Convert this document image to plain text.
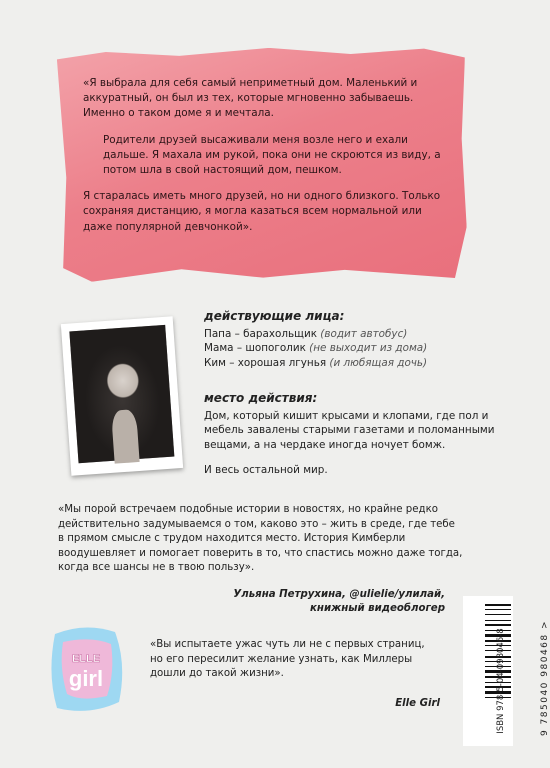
«Я выбрала для себя самый неприметный дом. Маленький и аккуратный, он был из тех, которые мгновенно забываешь. Именно о таком доме я и мечтала.

Родители друзей высаживали меня возле него и ехали дальше. Я махала им рукой, пока они не скроются из виду, а потом шла в свой настоящий дом, пешком.

Я старалась иметь много друзей, но ни одного близкого. Только сохраняя дистанцию, я могла казаться всем нормальной или даже популярной девчонкой».

действующие лица:
Папа – барахольщик (водит автобус)
Мама – шопоголик (не выходит из дома)
Ким – хорошая лгунья (и любящая дочь)
место действия:
Дом, который кишит крысами и клопами, где пол и мебель завалены старыми газетами и поломанными вещами, а на чердаке иногда ночует бомж.
И весь остальной мир.
«Мы порой встречаем подобные истории в новостях, но крайне редко действительно задумываемся о том, каково это – жить в среде, где тебе в прямом смысле с трудом находится место. История Кимберли воодушевляет и помогает поверить в то, что спастись можно даже тогда, когда все шансы не в твою пользу».
Ульяна Петрухина, @ulielie/улилай,
книжный видеоблогер
ELLE
girl
«Вы испытаете ужас чуть ли не с первых страниц, но его пересилит желание узнать, как Миллеры дошли до такой жизни».
Elle Girl	ISBN 978-5-04-098046-8	9 785040 980468 >
